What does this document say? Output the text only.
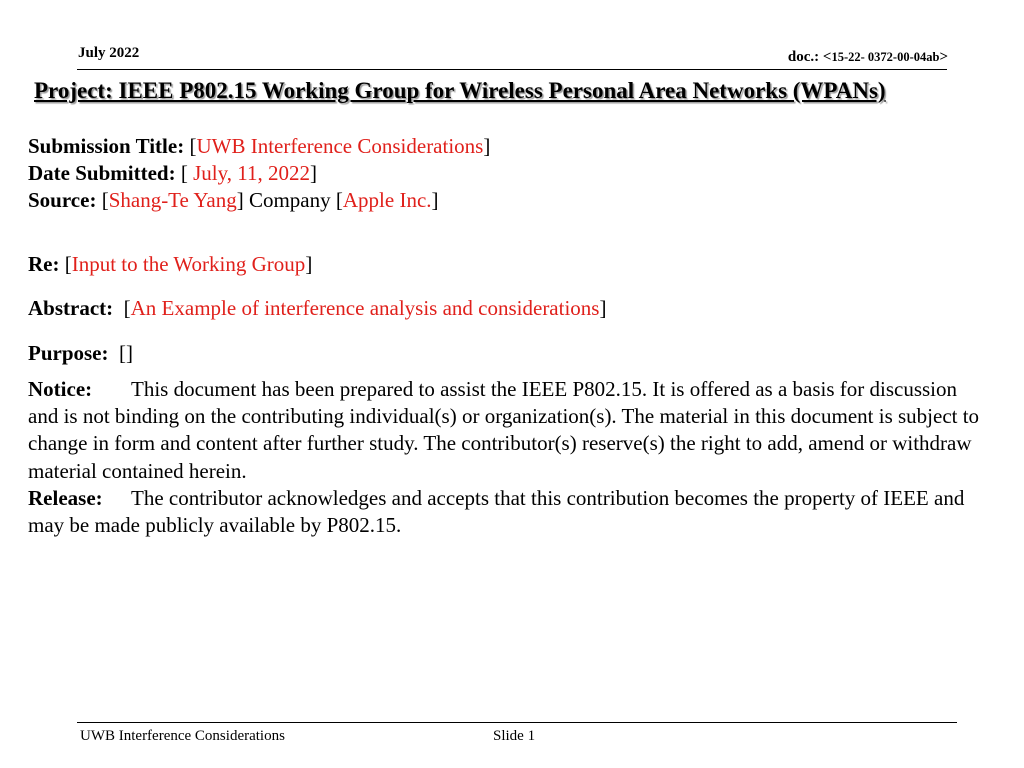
July 2022	doc.: <15-22- 0372-00-04ab>
Project: IEEE P802.15 Working Group for Wireless Personal Area Networks (WPANs)
Submission Title: [UWB Interference Considerations]
Date Submitted: [ July, 11, 2022]
Source: [Shang-Te Yang] Company [Apple Inc.]
Re: [Input to the Working Group]
Abstract:  [An Example of interference analysis and considerations]
Purpose: []
Notice: This document has been prepared to assist the IEEE P802.15. It is offered as a basis for discussion and is not binding on the contributing individual(s) or organization(s). The material in this document is subject to change in form and content after further study. The contributor(s) reserve(s) the right to add, amend or withdraw material contained herein.
Release: The contributor acknowledges and accepts that this contribution becomes the property of IEEE and may be made publicly available by P802.15.
UWB Interference Considerations	Slide 1
